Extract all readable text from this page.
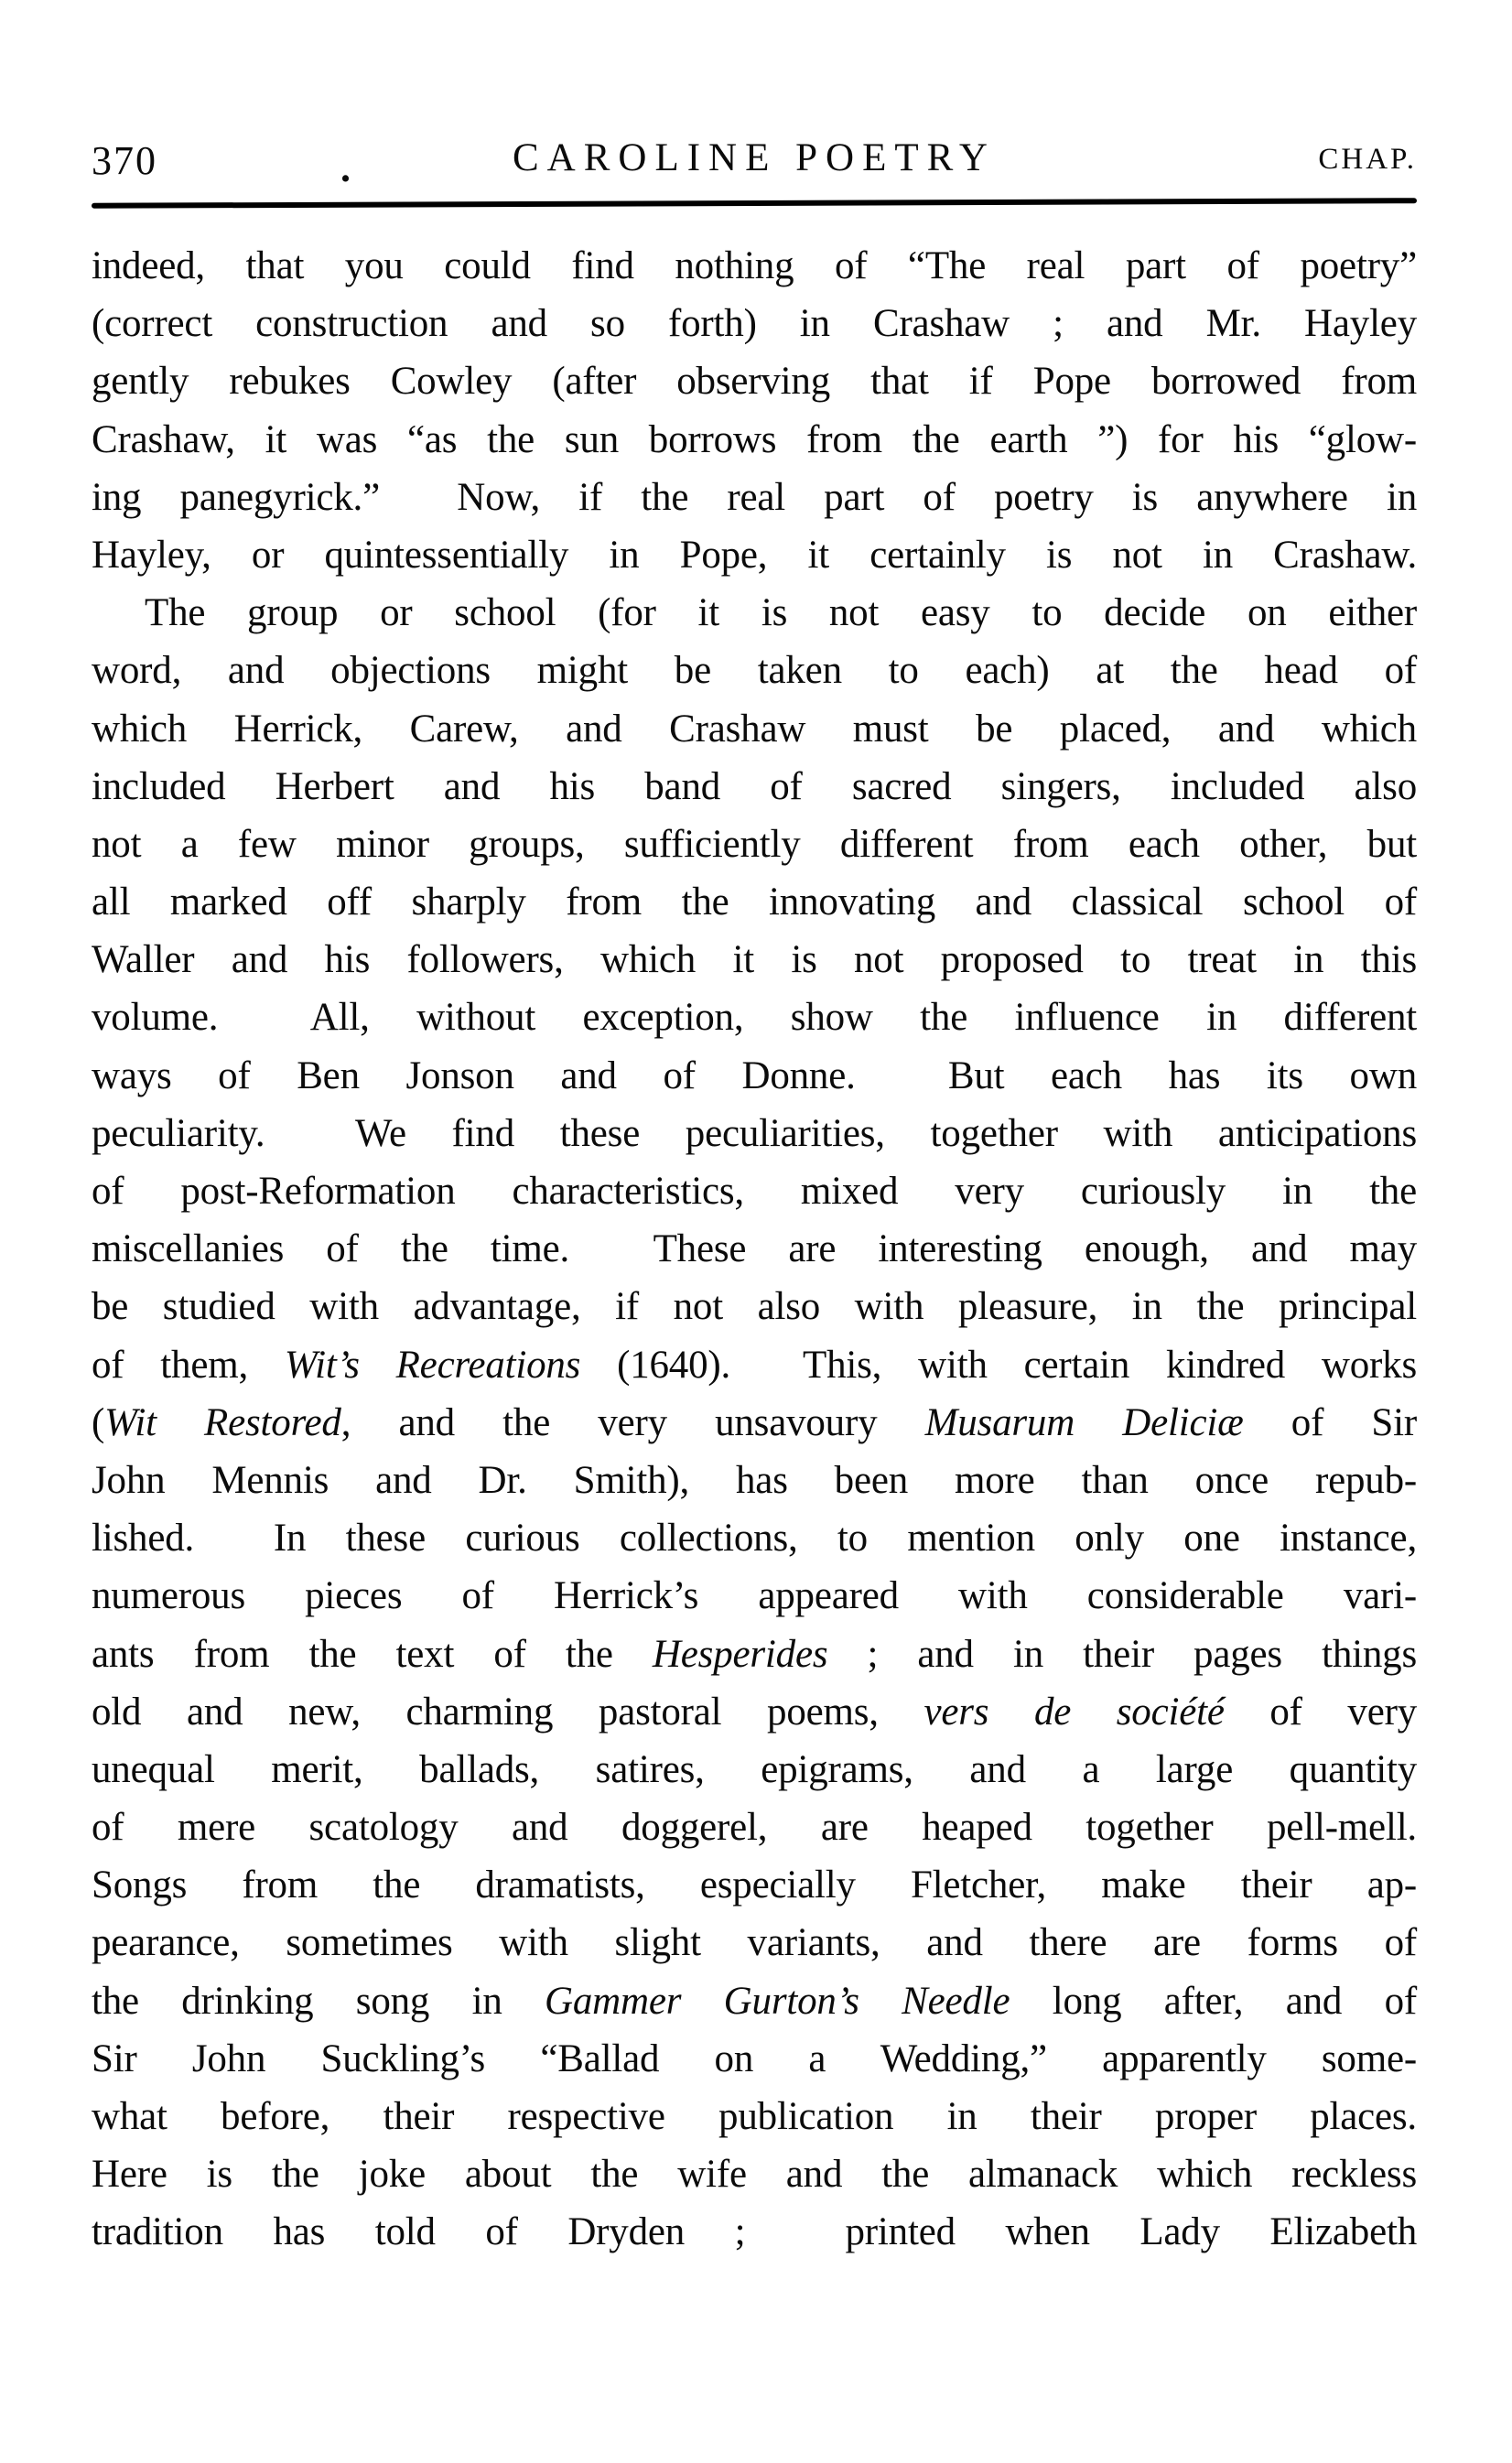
370	.	CAROLINE POETRY	CHAP.
indeed, that you could find nothing of “The real part of poetry”
(correct construction and so forth) in Crashaw ; and Mr. Hayley
gently rebukes Cowley (after observing that if Pope borrowed from
Crashaw, it was “as the sun borrows from the earth ”) for his “glow-
ing panegyrick.”  Now, if the real part of poetry is anywhere in
Hayley, or quintessentially in Pope, it certainly is not in Crashaw.
The group or school (for it is not easy to decide on either
word, and objections might be taken to each) at the head of
which Herrick, Carew, and Crashaw must be placed, and which
included Herbert and his band of sacred singers, included also
not a few minor groups, sufficiently different from each other, but
all marked off sharply from the innovating and classical school of
Waller and his followers, which it is not proposed to treat in this
volume.  All, without exception, show the influence in different
ways of Ben Jonson and of Donne.  But each has its own
peculiarity.  We find these peculiarities, together with anticipations
of post-Reformation characteristics, mixed very curiously in the
miscellanies of the time.  These are interesting enough, and may
be studied with advantage, if not also with pleasure, in the principal
of them, Wit’s Recreations (1640).  This, with certain kindred works
(Wit Restored, and the very unsavoury Musarum Deliciæ of Sir
John Mennis and Dr. Smith), has been more than once repub-
lished.  In these curious collections, to mention only one instance,
numerous pieces of Herrick’s appeared with considerable vari-
ants from the text of the Hesperides ; and in their pages things
old and new, charming pastoral poems, vers de société of very
unequal merit, ballads, satires, epigrams, and a large quantity
of mere scatology and doggerel, are heaped together pell-mell.
Songs from the dramatists, especially Fletcher, make their ap-
pearance, sometimes with slight variants, and there are forms of
the drinking song in Gammer Gurton’s Needle long after, and of
Sir John Suckling’s “Ballad on a Wedding,” apparently some-
what before, their respective publication in their proper places.
Here is the joke about the wife and the almanack which reckless
tradition has told of Dryden ;  printed when Lady Elizabeth
